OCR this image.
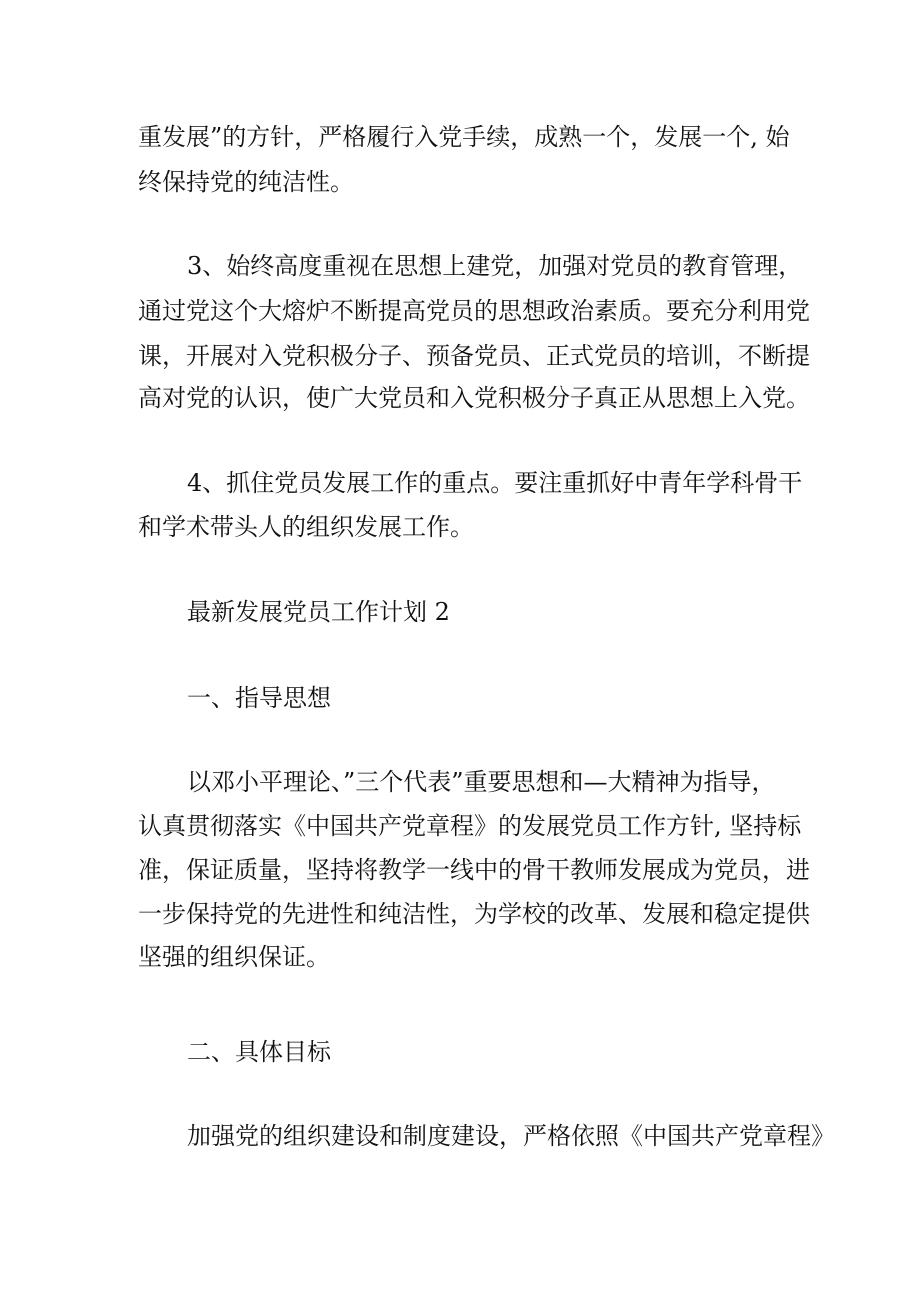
重发展”的方针，严格履行入党手续，成熟一个，发展一个, 始
终保持党的纯洁性。
3、始终高度重视在思想上建党，加强对党员的教育管理，
通过党这个大熔炉不断提高党员的思想政治素质。要充分利用党
课，开展对入党积极分子、预备党员、正式党员的培训，不断提
高对党的认识，使广大党员和入党积极分子真正从思想上入党。
4、抓住党员发展工作的重点。要注重抓好中青年学科骨干
和学术带头人的组织发展工作。
最新发展党员工作计划 2
一、指导思想
以邓小平理论、”三个代表”重要思想和—大精神为指导，
认真贯彻落实《中国共产党章程》的发展党员工作方针, 坚持标
准，保证质量，坚持将教学一线中的骨干教师发展成为党员，进
一步保持党的先进性和纯洁性，为学校的改革、发展和稳定提供
坚强的组织保证。
二、具体目标
加强党的组织建设和制度建设，严格依照《中国共产党章程》
